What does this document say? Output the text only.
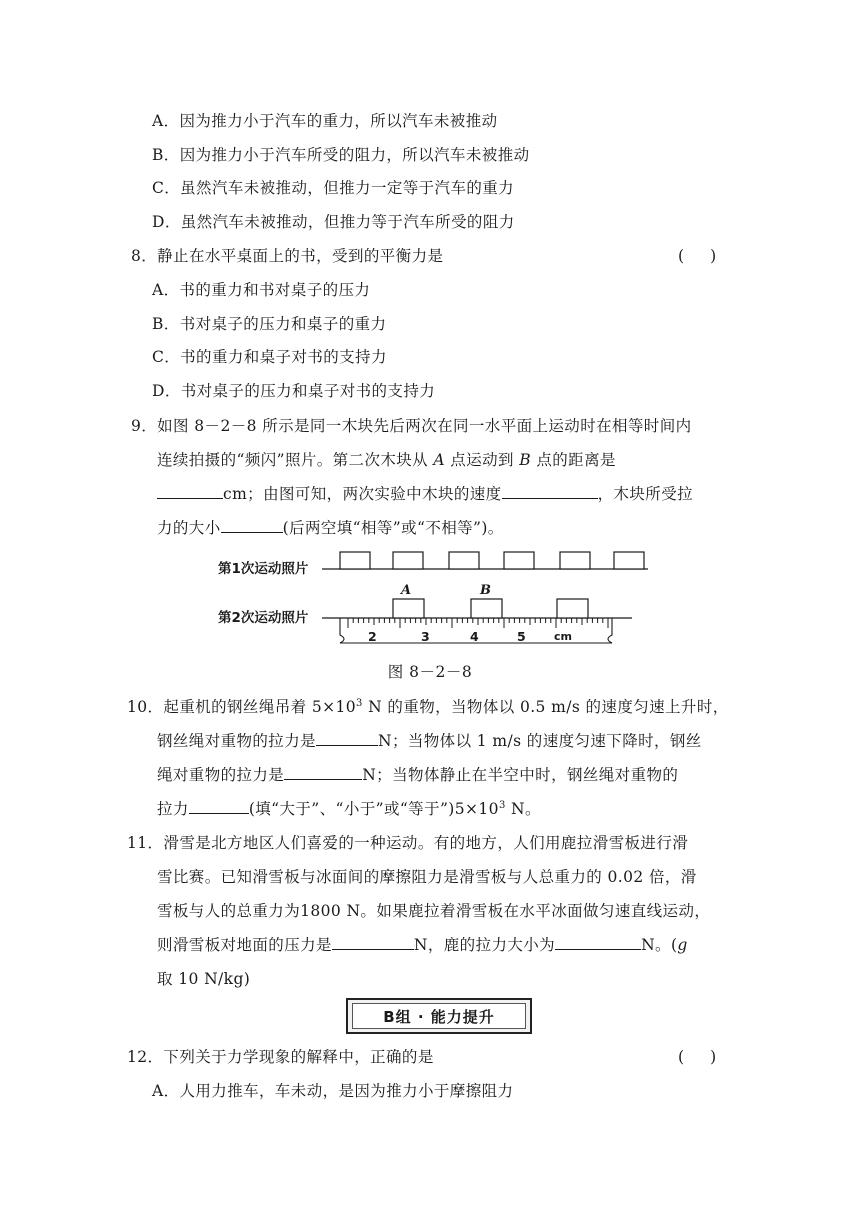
A．因为推力小于汽车的重力，所以汽车未被推动
B．因为推力小于汽车所受的阻力，所以汽车未被推动
C．虽然汽车未被推动，但推力一定等于汽车的重力
D．虽然汽车未被推动，但推力等于汽车所受的阻力
8．静止在水平桌面上的书，受到的平衡力是	( )
A．书的重力和书对桌子的压力
B．书对桌子的压力和桌子的重力
C．书的重力和桌子对书的支持力
D．书对桌子的压力和桌子对书的支持力
9．如图 8－2－8 所示是同一木块先后两次在同一水平面上运动时在相等时间内
连续拍摄的“频闪”照片。第二次木块从 A 点运动到 B 点的距离是
cm；由图可知，两次实验中木块的速度	，木块所受拉
力的大小	(后两空填“相等”或“不相等”)。
第1次运动照片
第2次运动照片
A	B
2	3	4	5	cm
图 8－2－8
10．起重机的钢丝绳吊着 $5\times 10^3$ N 的重物，当物体以 0.5 m/s 的速度匀速上升时，
钢丝绳对重物的拉力是	N；当物体以 1 m/s 的速度匀速下降时，钢丝
绳对重物的拉力是	N；当物体静止在半空中时，钢丝绳对重物的
拉力	(填“大于”、“小于”或“等于$”)5\times 10^3$ N。
11．滑雪是北方地区人们喜爱的一种运动。有的地方，人们用鹿拉滑雪板进行滑
雪比赛。已知滑雪板与冰面间的摩擦阻力是滑雪板与人总重力的 0.02 倍，滑
雪板与人的总重力为1800 N。如果鹿拉着滑雪板在水平冰面做匀速直线运动，
则滑雪板对地面的压力是	N，鹿的拉力大小为	N。(g
取 10 N/kg)
B组 · 能力提升
12．下列关于力学现象的解释中，正确的是	( )
A．人用力推车，车未动，是因为推力小于摩擦阻力
